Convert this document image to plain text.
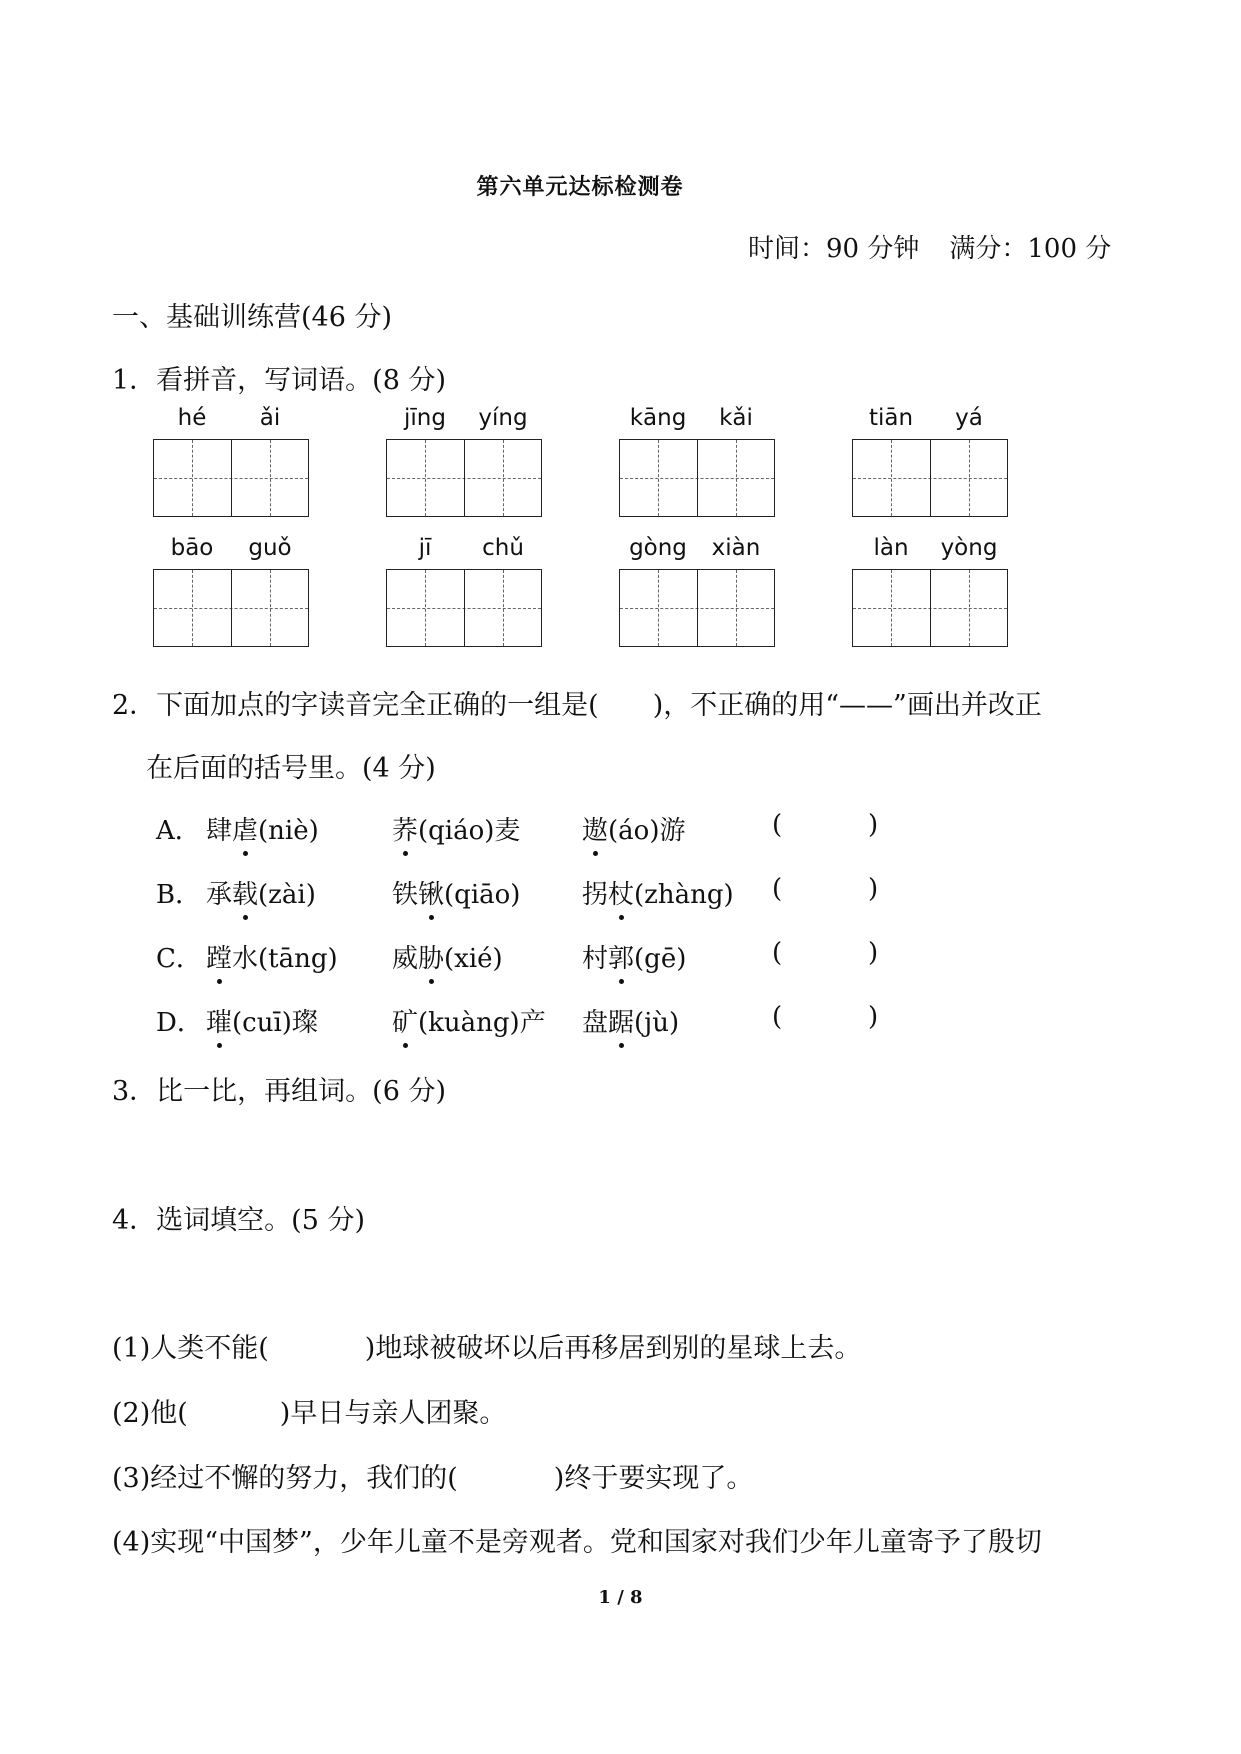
第六单元达标检测卷
时间：90 分钟 满分：100 分
一、基础训练营(46 分)
1．看拼音，写词语。(8 分)
hé	ǎi	jīng	yíng	kāng	kǎi	tiān	yá
bāo	guǒ	jī	chǔ	gòng	xiàn	làn	yòng
2．下面加点的字读音完全正确的一组是(　　)，不正确的用“——”画出并改正
在后面的括号里。(4 分)
A． 肆虐(niè)	荞(qiáo)麦 遨(áo)游	(	)
B． 承载(zài)	铁锹(qiāo) 拐杖(zhàng) (	)
C． 蹚水(tāng) 威胁(xié)	村郭(gē)	(	)
D． 璀(cuī)璨	矿(kuàng)产 盘踞(jù)	(	)
3．比一比，再组词。(6 分)
4．选词填空。(5 分)
(1)人类不能(	)地球被破坏以后再移居到别的星球上去。
(2)他(	)早日与亲人团聚。
(3)经过不懈的努力，我们的(	)终于要实现了。
(4)实现“中国梦”，少年儿童不是旁观者。党和国家对我们少年儿童寄予了殷切
1 / 8
